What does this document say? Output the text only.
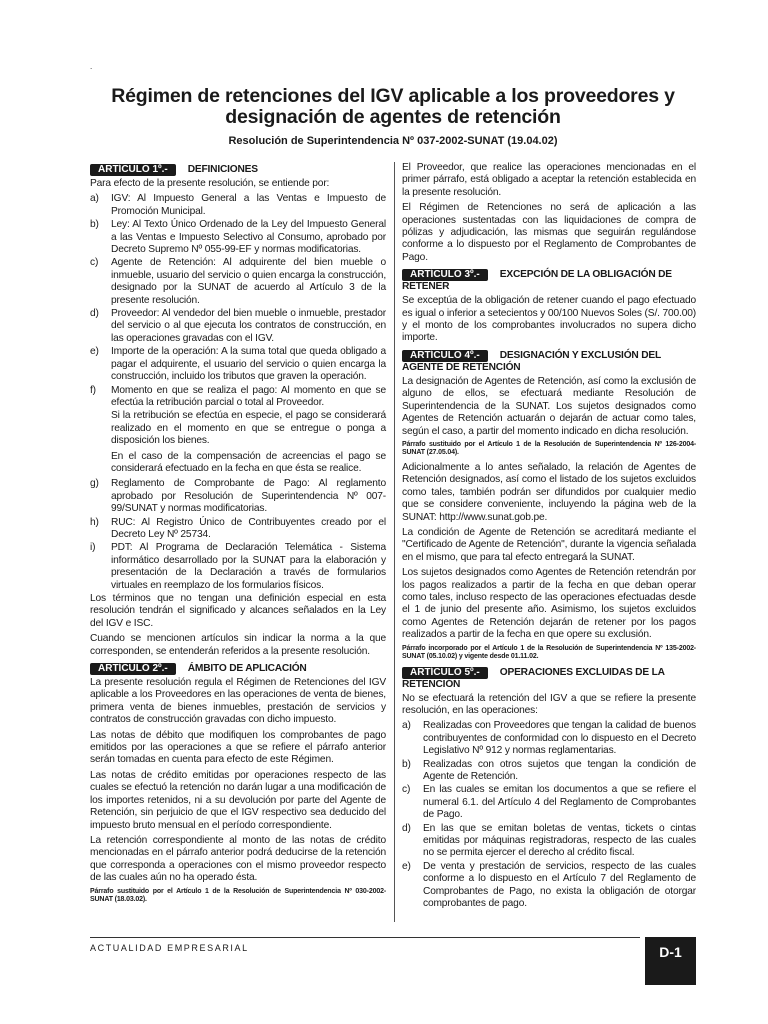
.
Régimen de retenciones del IGV aplicable a los proveedores y designación de agentes de retención
Resolución de Superintendencia Nº 037-2002-SUNAT (19.04.02)
ARTÍCULO 1º.- DEFINICIONES

Para efecto de la presente resolución, se entiende por:

a)	IGV: Al Impuesto General a las Ventas e Impuesto de Promoción Municipal.
b)	Ley: Al Texto Único Ordenado de la Ley del Impuesto General a las Ventas e Impuesto Selectivo al Consumo, aprobado por Decreto Supremo Nº 055-99-EF y normas modificatorias.
c)	Agente de Retención: Al adquirente del bien mueble o inmueble, usuario del servicio o quien encarga la construcción, designado por la SUNAT de acuerdo al Artículo 3 de la presente resolución.
d)	Proveedor: Al vendedor del bien mueble o inmueble, prestador del servicio o al que ejecuta los contratos de construcción, en las operaciones gravadas con el IGV.
e)	Importe de la operación: A la suma total que queda obligado a pagar el adquirente, el usuario del servicio o quien encarga la construcción, incluido los tributos que graven la operación.
f)	Momento en que se realiza el pago: Al momento en que se efectúa la retribución parcial o total al Proveedor.

Si la retribución se efectúa en especie, el pago se considerará realizado en el momento en que se entregue o ponga a disposición los bienes.

En el caso de la compensación de acreencias el pago se considerará efectuado en la fecha en que ésta se realice.

g)	Reglamento de Comprobante de Pago: Al reglamento aprobado por Resolución de Superintendencia Nº 007-99/SUNAT y normas modificatorias.
h)	RUC: Al Registro Único de Contribuyentes creado por el Decreto Ley Nº 25734.
i)	PDT: Al Programa de Declaración Telemática - Sistema informático desarrollado por la SUNAT para la elaboración y presentación de la Declaración a través de formularios virtuales en reemplazo de los formularios físicos.

Los términos que no tengan una definición especial en esta resolución tendrán el significado y alcances señalados en la Ley del IGV e ISC.

Cuando se mencionen artículos sin indicar la norma a la que corresponden, se entenderán referidos a la presente resolución.

ARTÍCULO 2º.- ÁMBITO DE APLICACIÓN

La presente resolución regula el Régimen de Retenciones del IGV aplicable a los Proveedores en las operaciones de venta de bienes, primera venta de bienes inmuebles, prestación de servicios y contratos de construcción gravadas con dicho impuesto.

Las notas de débito que modifiquen los comprobantes de pago emitidos por las operaciones a que se refiere el párrafo anterior serán tomadas en cuenta para efecto de este Régimen.

Las notas de crédito emitidas por operaciones respecto de las cuales se efectuó la retención no darán lugar a una modificación de los importes retenidos, ni a su devolución por parte del Agente de Retención, sin perjuicio de que el IGV respectivo sea deducido del impuesto bruto mensual en el período correspondiente.

La retención correspondiente al monto de las notas de crédito mencionadas en el párrafo anterior podrá deducirse de la retención que corresponda a operaciones con el mismo proveedor respecto de las cuales aún no ha operado ésta.

Párrafo sustituido por el Artículo 1 de la Resolución de Superintendencia Nº 030-2002-SUNAT (18.03.02).

El Proveedor, que realice las operaciones mencionadas en el primer párrafo, está obligado a aceptar la retención establecida en la presente resolución.

El Régimen de Retenciones no será de aplicación a las operaciones sustentadas con las liquidaciones de compra de pólizas y adjudicación, las mismas que seguirán regulándose conforme a lo dispuesto por el Reglamento de Comprobantes de Pago.

ARTÍCULO 3º.- EXCEPCIÓN DE LA OBLIGACIÓN DE RETENER

Se exceptúa de la obligación de retener cuando el pago efectuado es igual o inferior a setecientos y 00/100 Nuevos Soles (S/. 700.00) y el monto de los comprobantes involucrados no supera dicho importe.

ARTÍCULO 4º.- DESIGNACIÓN Y EXCLUSIÓN DEL AGENTE DE RETENCIÓN

La designación de Agentes de Retención, así como la exclusión de alguno de ellos, se efectuará mediante Resolución de Superintendencia de la SUNAT. Los sujetos designados como Agentes de Retención actuarán o dejarán de actuar como tales, según el caso, a partir del momento indicado en dicha resolución.

Párrafo sustituido por el Artículo 1 de la Resolución de Superintendencia Nº 126-2004-SUNAT (27.05.04).

Adicionalmente a lo antes señalado, la relación de Agentes de Retención designados, así como el listado de los sujetos excluidos como tales, también podrán ser difundidos por cualquier medio que se considere conveniente, incluyendo la página web de la SUNAT: http://www.sunat.gob.pe.

La condición de Agente de Retención se acreditará mediante el "Certificado de Agente de Retención", durante la vigencia señalada en el mismo, que para tal efecto entregará la SUNAT.

Los sujetos designados como Agentes de Retención retendrán por los pagos realizados a partir de la fecha en que deban operar como tales, incluso respecto de las operaciones efectuadas desde el 1 de junio del presente año. Asimismo, los sujetos excluidos como Agentes de Retención dejarán de retener por los pagos realizados a partir de la fecha en que opere su exclusión.

Párrafo incorporado por el Artículo 1 de la Resolución de Superintendencia Nº 135-2002-SUNAT (05.10.02) y vigente desde 01.11.02.

ARTÍCULO 5º.- OPERACIONES EXCLUIDAS DE LA RETENCIÓN

No se efectuará la retención del IGV a que se refiere la presente resolución, en las operaciones:

a)	Realizadas con Proveedores que tengan la calidad de buenos contribuyentes de conformidad con lo dispuesto en el Decreto Legislativo Nº 912 y normas reglamentarias.
b)	Realizadas con otros sujetos que tengan la condición de Agente de Retención.
c)	En las cuales se emitan los documentos a que se refiere el numeral 6.1. del Artículo 4 del Reglamento de Comprobantes de Pago.
d)	En las que se emitan boletas de ventas, tickets o cintas emitidas por máquinas registradoras, respecto de las cuales no se permita ejercer el derecho al crédito fiscal.
e)	De venta y prestación de servicios, respecto de las cuales conforme a lo dispuesto en el Artículo 7 del Reglamento de Comprobantes de Pago, no exista la obligación de otorgar comprobantes de pago.
ACTUALIDAD EMPRESARIAL	D-1
